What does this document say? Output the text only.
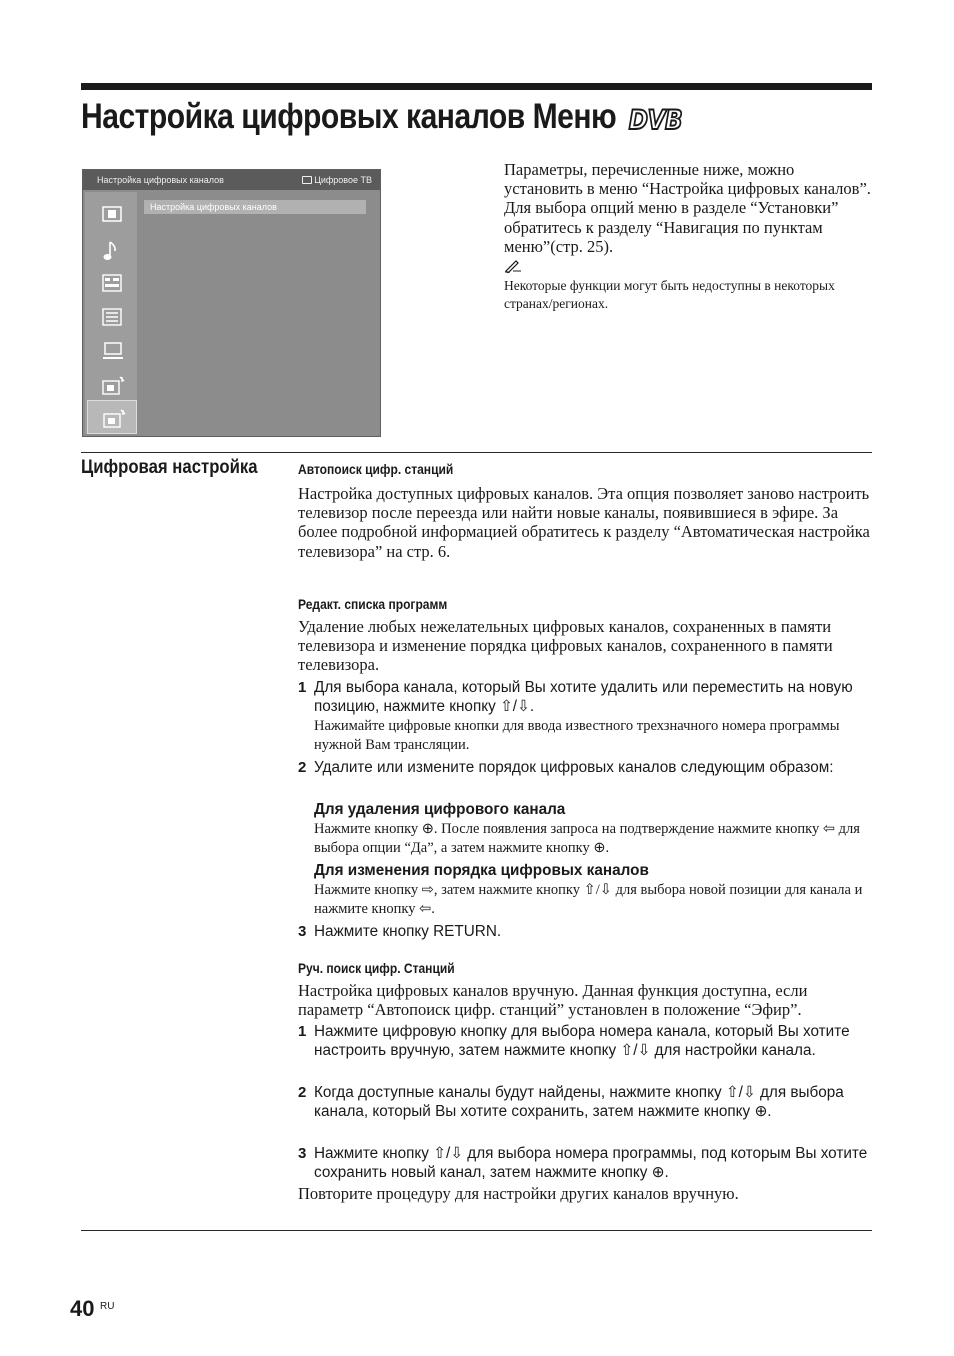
Настройка цифровых каналов Меню DVB
Настройка цифровых каналов	Цифровое ТВ
Настройка цифровых каналов
Параметры, перечисленные ниже, можно установить в меню “Настройка цифровых каналов”. Для выбора опций меню в разделе “Установки” обратитесь к разделу “Навигация по пунктам меню”(стр. 25).
Некоторые функции могут быть недоступны в некоторых странах/регионах.
Цифровая настройка	Автопоиск цифр. станций
Настройка доступных цифровых каналов. Эта опция позволяет заново настроить телевизор после переезда или найти новые каналы, появившиеся в эфире. За более подробной информацией обратитесь к разделу “Автоматическая настройка телевизора” на стр. 6.
Редакт. списка программ
Удаление любых нежелательных цифровых каналов, сохраненных в памяти телевизора и изменение порядка цифровых каналов, сохраненного в памяти телевизора.
1 Для выбора канала, который Вы хотите удалить или переместить на новую позицию, нажмите кнопку ⇧/⇩.
Нажимайте цифровые кнопки для ввода известного трехзначного номера программы нужной Вам трансляции.
2 Удалите или измените порядок цифровых каналов следующим образом:
Для удаления цифрового канала
Нажмите кнопку ⊕. После появления запроса на подтверждение нажмите кнопку ⇦ для выбора опции “Да”, а затем нажмите кнопку ⊕.
Для изменения порядка цифровых каналов
Нажмите кнопку ⇨, затем нажмите кнопку ⇧/⇩ для выбора новой позиции для канала и нажмите кнопку ⇦.
3 Нажмите кнопку RETURN.
Руч. поиск цифр. Станций
Настройка цифровых каналов вручную. Данная функция доступна, если параметр “Автопоиск цифр. станций” установлен в положение “Эфир”.
1 Нажмите цифровую кнопку для выбора номера канала, который Вы хотите настроить вручную, затем нажмите кнопку ⇧/⇩ для настройки канала.
2 Когда доступные каналы будут найдены, нажмите кнопку ⇧/⇩ для выбора канала, который Вы хотите сохранить, затем нажмите кнопку ⊕.
3 Нажмите кнопку ⇧/⇩ для выбора номера программы, под которым Вы хотите сохранить новый канал, затем нажмите кнопку ⊕.
Повторите процедуру для настройки других каналов вручную.
40 RU
